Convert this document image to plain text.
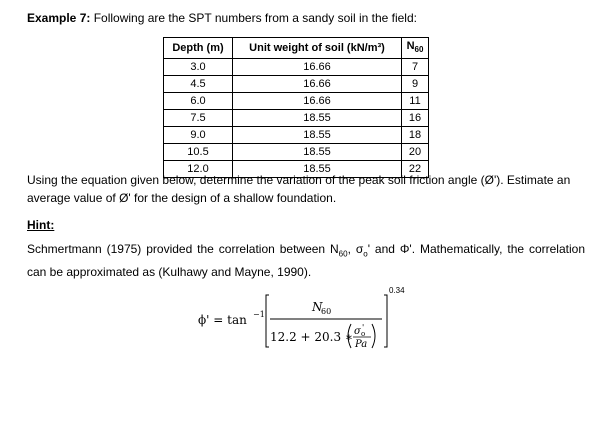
Example 7: Following are the SPT numbers from a sandy soil in the field:
Depth (m)	Unit weight of soil (kN/m³)	$N_{60}$
3.0	16.66	7
4.5	16.66	9
6.0	16.66	11
7.5	18.55	16
9.0	18.55	18
10.5	18.55	20
12.0	18.55	22
Using the equation given below, determine the variation of the peak soil friction angle (Ø'). Estimate an average value of Ø' for the design of a shallow foundation.
Hint:
Schmertmann (1975) provided the correlation between $N_{60}$, $\sigma_o'$ and Φ'. Mathematically, the correlation can be approximated as (Kulhawy and Mayne, 1990).
ϕ' = tan −1
N
60
12.2 + 20.3 ∗ σ o
'
Pa
0.34
